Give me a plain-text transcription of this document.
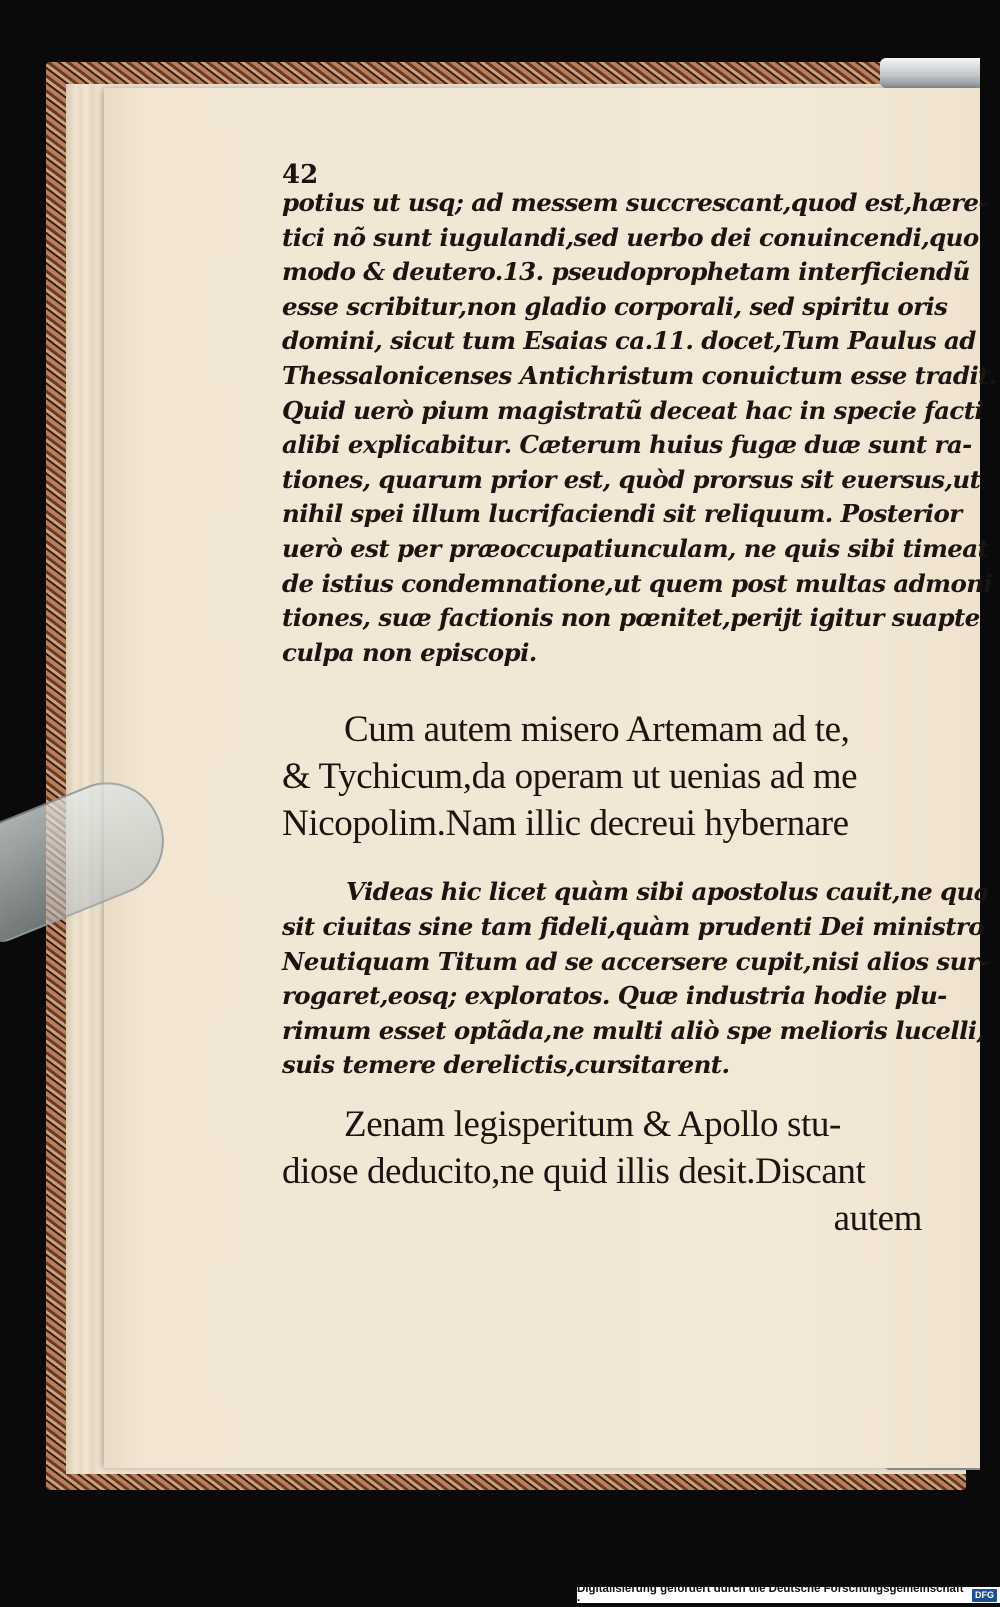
42

potius ut usq; ad messem succrescant,quod est,hære-
tici nõ sunt iugulandi,sed uerbo dei conuincendi,quo
modo & deutero.13. pseudoprophetam interficiendũ
esse scribitur,non gladio corporali, sed spiritu oris
domini, sicut tum Esaias ca.11. docet,Tum Paulus ad
Thessalonicenses Antichristum conuictum esse tradit.
Quid uerò pium magistratũ deceat hac in specie facti
alibi explicabitur. Cæterum huius fugæ duæ sunt ra-
tiones, quarum prior est, quòd prorsus sit euersus,ut
nihil spei illum lucrifaciendi sit reliquum. Posterior
uerò est per præoccupatiunculam, ne quis sibi timeat
de istius condemnatione,ut quem post multas admoni
tiones, suæ factionis non pœnitet,perijt igitur suapte
culpa non episcopi.

Cum autem misero Artemam ad te,
& Tychicum,da operam ut uenias ad me
Nicopolim.Nam illic decreui hybernare

Videas hic licet quàm sibi apostolus cauit,ne qua
sit ciuitas sine tam fideli,quàm prudenti Dei ministro
Neutiquam Titum ad se accersere cupit,nisi alios sur-
rogaret,eosq; exploratos. Quæ industria hodie plu-
rimum esset optãda,ne multi aliò spe melioris lucelli,
suis temere derelictis,cursitarent.

Zenam legisperitum & Apollo stu-
diose deducito,ne quid illis desit.Discant
autem

Digitalisierung gefördert durch die Deutsche Forschungsgemeinschaft ·
DFG
